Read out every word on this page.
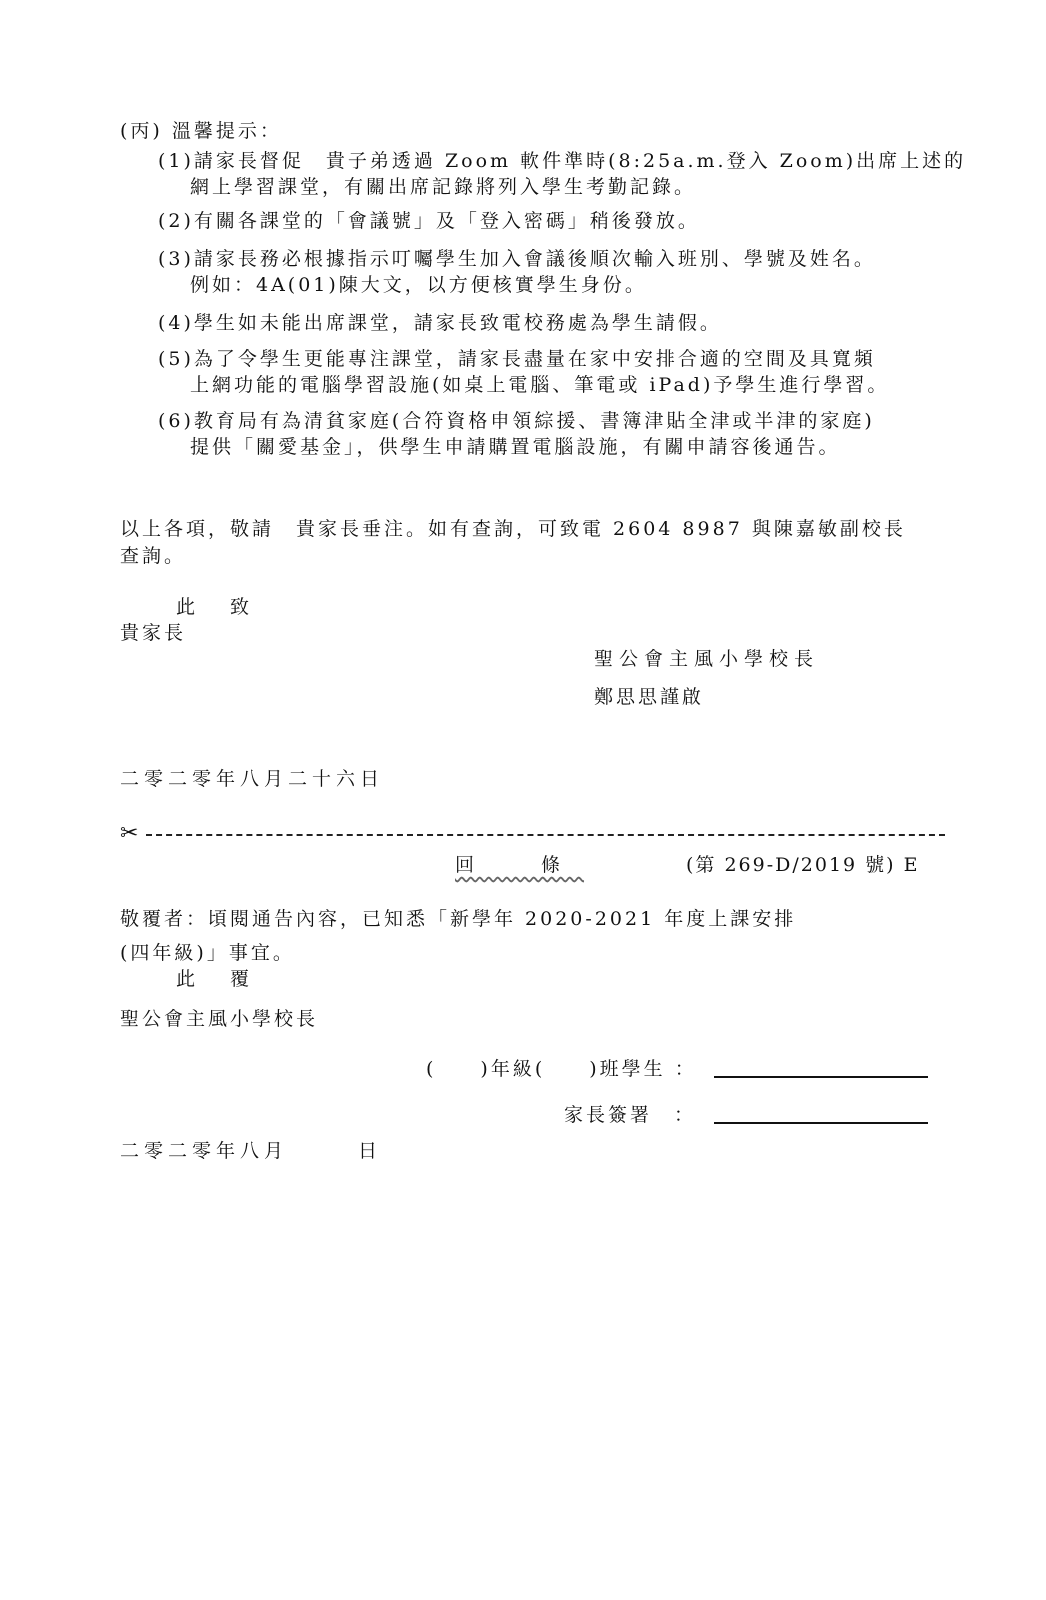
(丙) 溫馨提示：
(1)請家長督促　貴子弟透過 Zoom 軟件準時(8:25a.m.登入 Zoom)出席上述的
網上學習課堂，有關出席記錄將列入學生考勤記錄。
(2)有關各課堂的「會議號」及「登入密碼」稍後發放。
(3)請家長務必根據指示叮囑學生加入會議後順次輸入班別、學號及姓名。
例如：4A(01)陳大文，以方便核實學生身份。
(4)學生如未能出席課堂，請家長致電校務處為學生請假。
(5)為了令學生更能專注課堂，請家長盡量在家中安排合適的空間及具寬頻
上網功能的電腦學習設施(如桌上電腦、筆電或 iPad)予學生進行學習。
(6)教育局有為清貧家庭(合符資格申領綜援、書簿津貼全津或半津的家庭)
提供「關愛基金」，供學生申請購置電腦設施，有關申請容後通告。
以上各項，敬請　貴家長垂注。如有查詢，可致電 2604 8987 與陳嘉敏副校長
查詢。
此 致
貴家長
聖公會主風小學校長
鄭思思謹啟
二零二零年八月二十六日
✂
回　條	(第 269-D/2019 號) E
敬覆者：頃閱通告內容，已知悉「新學年 2020-2021 年度上課安排
(四年級)」事宜。
此 覆
聖公會主風小學校長
(　　)年級(　　)班學生 ：
家長簽署　：
二零二零年八月	日
